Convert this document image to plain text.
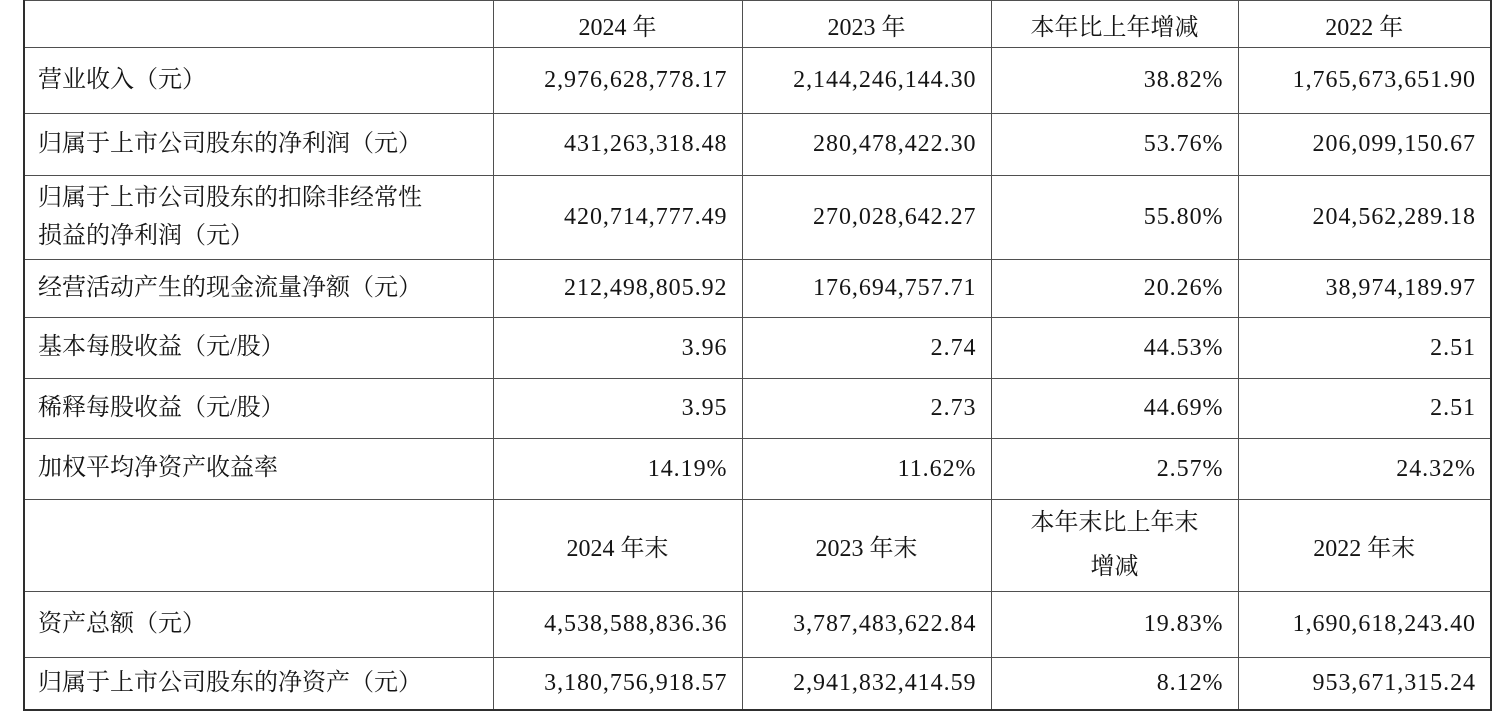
	2024 年	2023 年	本年比上年增减	2022 年
营业收入（元）	2,976,628,778.17	2,144,246,144.30	38.82%	1,765,673,651.90
归属于上市公司股东的净利润（元）	431,263,318.48	280,478,422.30	53.76%	206,099,150.67
归属于上市公司股东的扣除非经常性损益的净利润（元）	420,714,777.49	270,028,642.27	55.80%	204,562,289.18
经营活动产生的现金流量净额（元）	212,498,805.92	176,694,757.71	20.26%	38,974,189.97
基本每股收益（元/股）	3.96	2.74	44.53%	2.51
稀释每股收益（元/股）	3.95	2.73	44.69%	2.51
加权平均净资产收益率	14.19%	11.62%	2.57%	24.32%
	2024 年末	2023 年末	本年末比上年末增减	2022 年末
资产总额（元）	4,538,588,836.36	3,787,483,622.84	19.83%	1,690,618,243.40
归属于上市公司股东的净资产（元）	3,180,756,918.57	2,941,832,414.59	8.12%	953,671,315.24
